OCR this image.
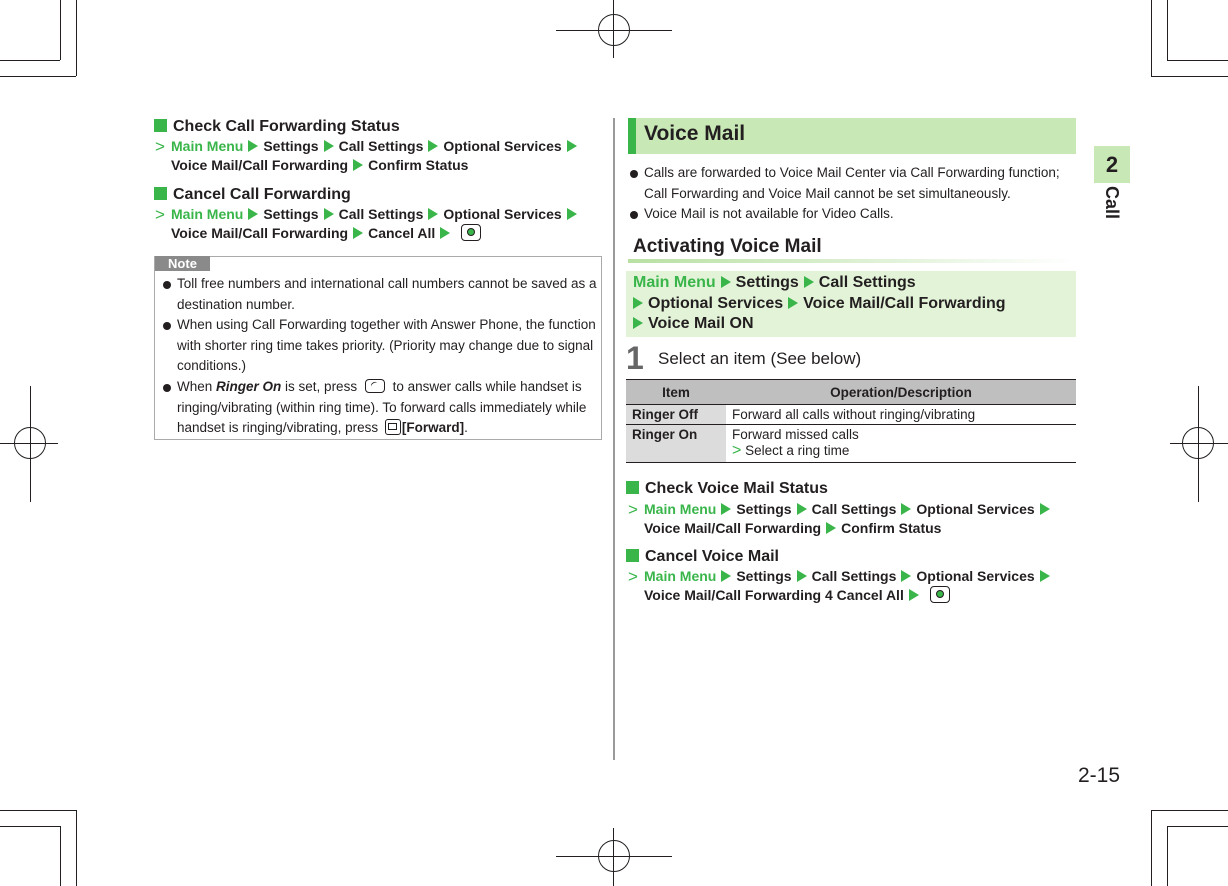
Check Call Forwarding Status
> Main Menu Settings Call Settings Optional Services
Voice Mail/Call Forwarding Confirm Status
Cancel Call Forwarding
> Main Menu Settings Call Settings Optional Services
Voice Mail/Call Forwarding Cancel All
Note
Toll free numbers and international call numbers cannot be saved as a
destination number.
When using Call Forwarding together with Answer Phone, the function
with shorter ring time takes priority. (Priority may change due to signal
conditions.)
When Ringer On is set, press  to answer calls while handset is
ringing/vibrating (within ring time). To forward calls immediately while
handset is ringing/vibrating, press [Forward].
Voice Mail
Calls are forwarded to Voice Mail Center via Call Forwarding function;
Call Forwarding and Voice Mail cannot be set simultaneously.
Voice Mail is not available for Video Calls.
Activating Voice Mail
Main Menu Settings Call Settings
Optional Services Voice Mail/Call Forwarding
Voice Mail ON
1 Select an item (See below)
Item	Operation/Description
Ringer Off	Forward all calls without ringing/vibrating
Ringer On	Forward missed calls
> Select a ring time
Check Voice Mail Status
> Main Menu Settings Call Settings Optional Services
Voice Mail/Call Forwarding Confirm Status
Cancel Voice Mail
> Main Menu Settings Call Settings Optional Services
Voice Mail/Call Forwarding 4 Cancel All
2
Call
2-15
